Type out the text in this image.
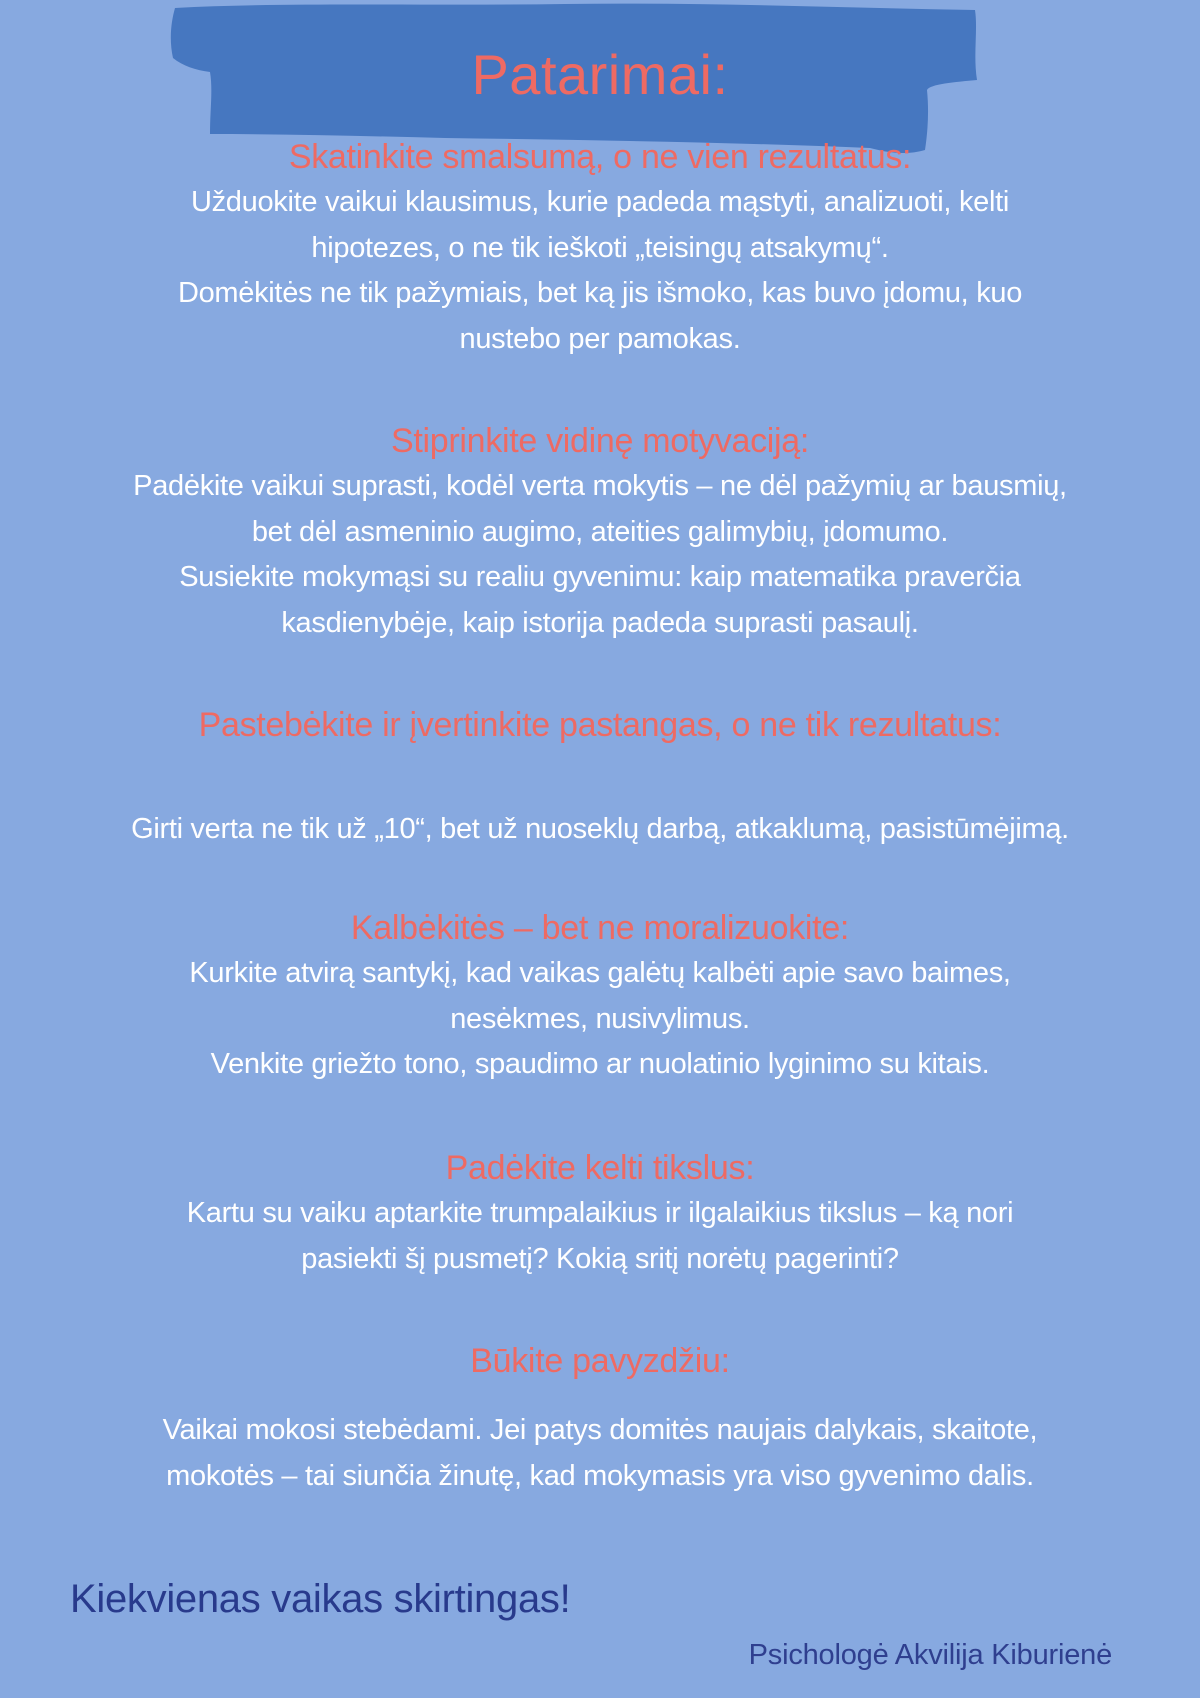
Patarimai:

Skatinkite smalsumą, o ne vien rezultatus:

Užduokite vaikui klausimus, kurie padeda mąstyti, analizuoti, kelti

hipotezes, o ne tik ieškoti „teisingų atsakymų“.

Domėkitės ne tik pažymiais, bet ką jis išmoko, kas buvo įdomu, kuo

nustebo per pamokas.

Stiprinkite vidinę motyvaciją:

Padėkite vaikui suprasti, kodėl verta mokytis – ne dėl pažymių ar bausmių,

bet dėl asmeninio augimo, ateities galimybių, įdomumo.

Susiekite mokymąsi su realiu gyvenimu: kaip matematika praverčia

kasdienybėje, kaip istorija padeda suprasti pasaulį.

Pastebėkite ir įvertinkite pastangas, o ne tik rezultatus:

Girti verta ne tik už „10“, bet už nuoseklų darbą, atkaklumą, pasistūmėjimą.

Kalbėkitės – bet ne moralizuokite:

Kurkite atvirą santykį, kad vaikas galėtų kalbėti apie savo baimes,

nesėkmes, nusivylimus.

Venkite griežto tono, spaudimo ar nuolatinio lyginimo su kitais.

Padėkite kelti tikslus:

Kartu su vaiku aptarkite trumpalaikius ir ilgalaikius tikslus – ką nori

pasiekti šį pusmetį? Kokią sritį norėtų pagerinti?

Būkite pavyzdžiu:

Vaikai mokosi stebėdami. Jei patys domitės naujais dalykais, skaitote,

mokotės – tai siunčia žinutę, kad mokymasis yra viso gyvenimo dalis.

Kiekvienas vaikas skirtingas!
Psichologė Akvilija Kiburienė
